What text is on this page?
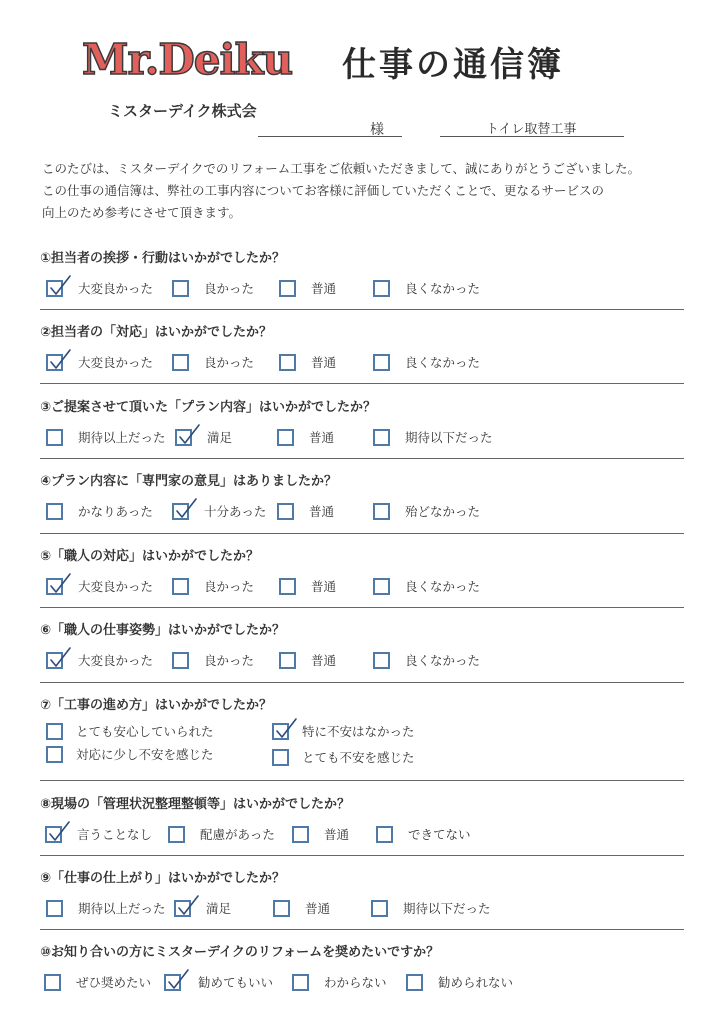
Mr.Deiku	仕事の通信簿
ミスターデイク株式会
様	トイレ取替工事

このたびは、ミスターデイクでのリフォーム工事をご依頼いただきまして、誠にありがとうございました。

この仕事の通信簿は、弊社の工事内容についてお客様に評価していただくことで、更なるサービスの

向上のため参考にさせて頂きます。

①担当者の挨拶・行動はいかがでしたか？
大変良かった	良かった	普通	良くなかった
②担当者の「対応」はいかがでしたか？
大変良かった	良かった	普通	良くなかった
③ご提案させて頂いた「プラン内容」はいかがでしたか？
期待以上だった	満足	普通	期待以下だった
④プラン内容に「専門家の意見」はありましたか？
かなりあった	十分あった	普通	殆どなかった
⑤「職人の対応」はいかがでしたか？
大変良かった	良かった	普通	良くなかった
⑥「職人の仕事姿勢」はいかがでしたか？
大変良かった	良かった	普通	良くなかった
⑦「工事の進め方」はいかがでしたか？
とても安心していられた	特に不安はなかった
対応に少し不安を感じた	とても不安を感じた
⑧現場の「管理状況整理整頓等」はいかがでしたか？
言うことなし	配慮があった	普通	できてない
⑨「仕事の仕上がり」はいかがでしたか？
期待以上だった	満足	普通	期待以下だった
⑩お知り合いの方にミスターデイクのリフォームを奨めたいですか？
ぜひ奨めたい	勧めてもいい	わからない	勧められない
